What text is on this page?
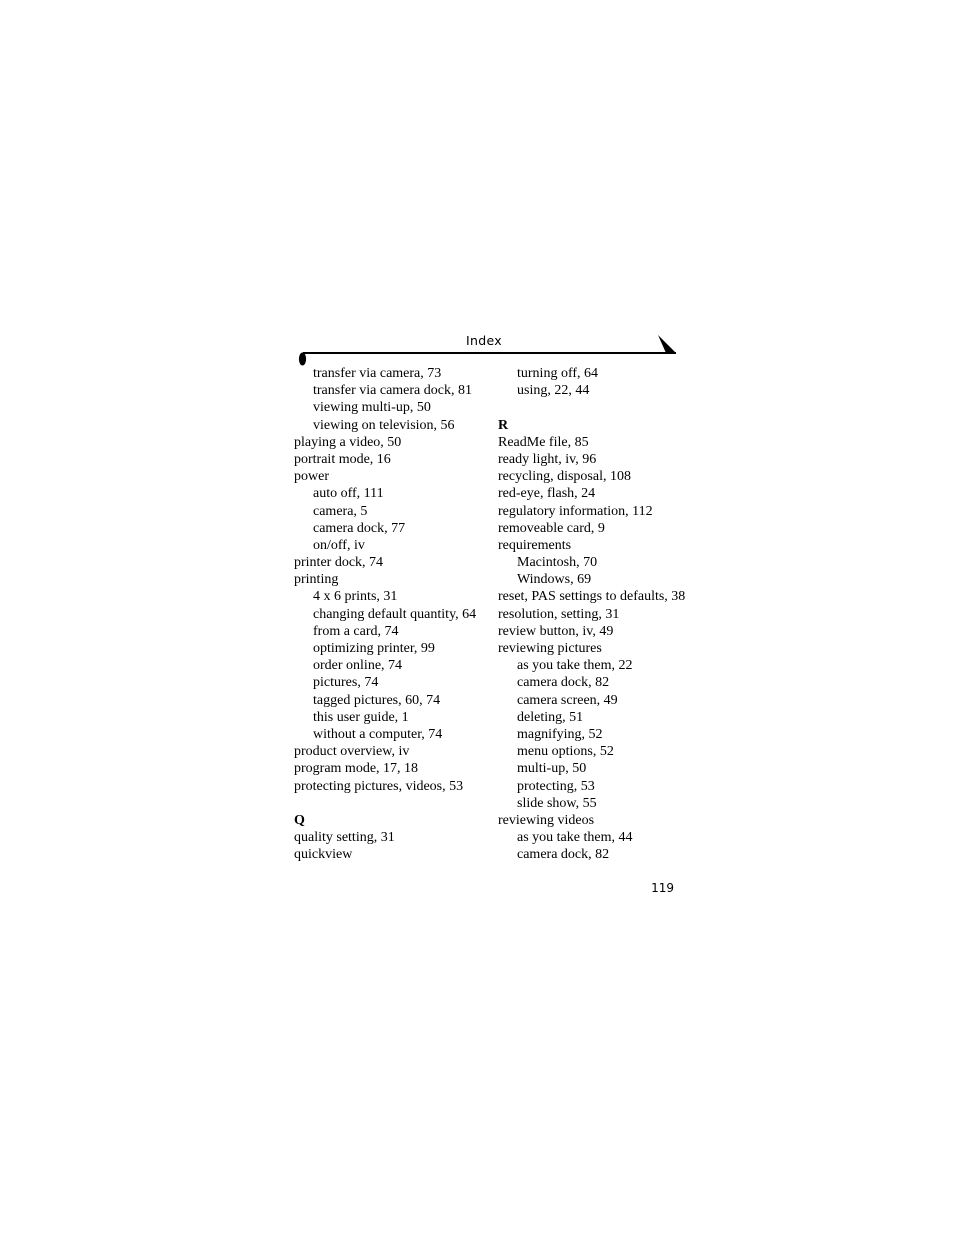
Index
transfer via camera, 73
transfer via camera dock, 81
viewing multi-up, 50
viewing on television, 56
playing a video, 50
portrait mode, 16
power
auto off, 111
camera, 5
camera dock, 77
on/off, iv
printer dock, 74
printing
4 x 6 prints, 31
changing default quantity, 64
from a card, 74
optimizing printer, 99
order online, 74
pictures, 74
tagged pictures, 60, 74
this user guide, 1
without a computer, 74
product overview, iv
program mode, 17, 18
protecting pictures, videos, 53
Q
quality setting, 31
quickview
turning off, 64
using, 22, 44
R
ReadMe file, 85
ready light, iv, 96
recycling, disposal, 108
red-eye, flash, 24
regulatory information, 112
removeable card, 9
requirements
Macintosh, 70
Windows, 69
reset, PAS settings to defaults, 38
resolution, setting, 31
review button, iv, 49
reviewing pictures
as you take them, 22
camera dock, 82
camera screen, 49
deleting, 51
magnifying, 52
menu options, 52
multi-up, 50
protecting, 53
slide show, 55
reviewing videos
as you take them, 44
camera dock, 82
119
